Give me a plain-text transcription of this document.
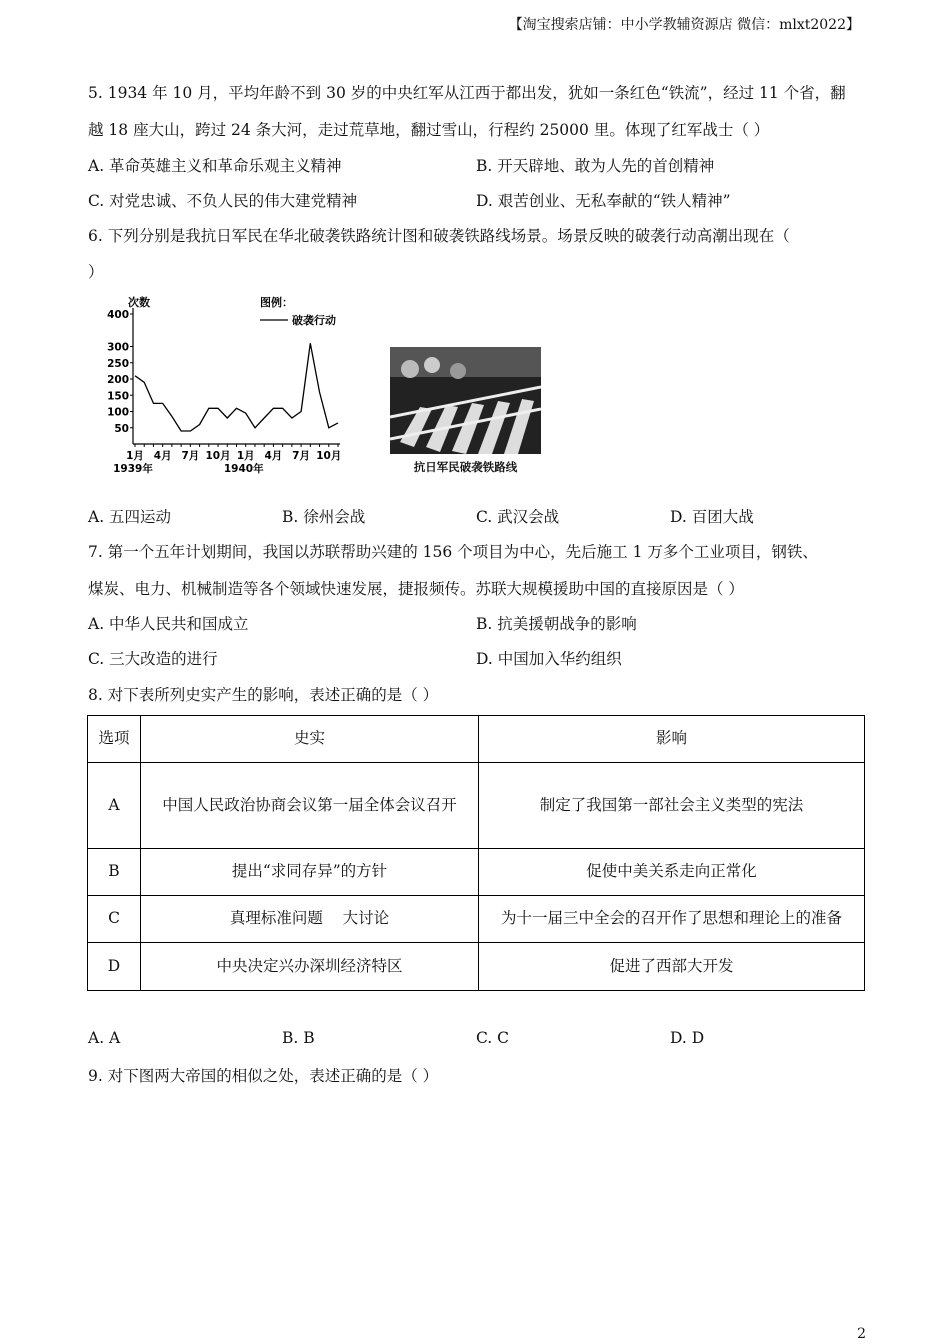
【淘宝搜索店铺：中小学教辅资源店 微信：mlxt2022】
5. 1934 年 10 月，平均年龄不到 30 岁的中央红军从江西于都出发，犹如一条红色“铁流”，经过 11 个省，翻
越 18 座大山，跨过 24 条大河，走过荒草地，翻过雪山，行程约 25000 里。体现了红军战士（ ）
A. 革命英雄主义和革命乐观主义精神	B. 开天辟地、敢为人先的首创精神
C. 对党忠诚、不负人民的伟大建党精神	D. 艰苦创业、无私奉献的“铁人精神”
6. 下列分别是我抗日军民在华北破袭铁路统计图和破袭铁路线场景。场景反映的破袭行动高潮出现在（
）
次数	图例：
破袭行动
50
100
150
200
250
300
400
1月 4月 7月 10月 1月 4月 7月 10月
1939年	1940年	抗日军民破袭铁路线
A. 五四运动	B. 徐州会战	C. 武汉会战	D. 百团大战
7. 第一个五年计划期间，我国以苏联帮助兴建的 156 个项目为中心，先后施工 1 万多个工业项目，钢铁、
煤炭、电力、机械制造等各个领域快速发展，捷报频传。苏联大规模援助中国的直接原因是（ ）
A. 中华人民共和国成立	B. 抗美援朝战争的影响
C. 三大改造的进行	D. 中国加入华约组织
8. 对下表所列史实产生的影响，表述正确的是（ ）
选项	史实	影响
A	中国人民政治协商会议第一届全体会议召开	制定了我国第一部社会主义类型的宪法
B	提出“求同存异”的方针	促使中美关系走向正常化
C	真理标准问题    大讨论	为十一届三中全会的召开作了思想和理论上的准备
D	中央决定兴办深圳经济特区	促进了西部大开发
A. A	B. B	C. C	D. D
9. 对下图两大帝国的相似之处，表述正确的是（ ）
2
